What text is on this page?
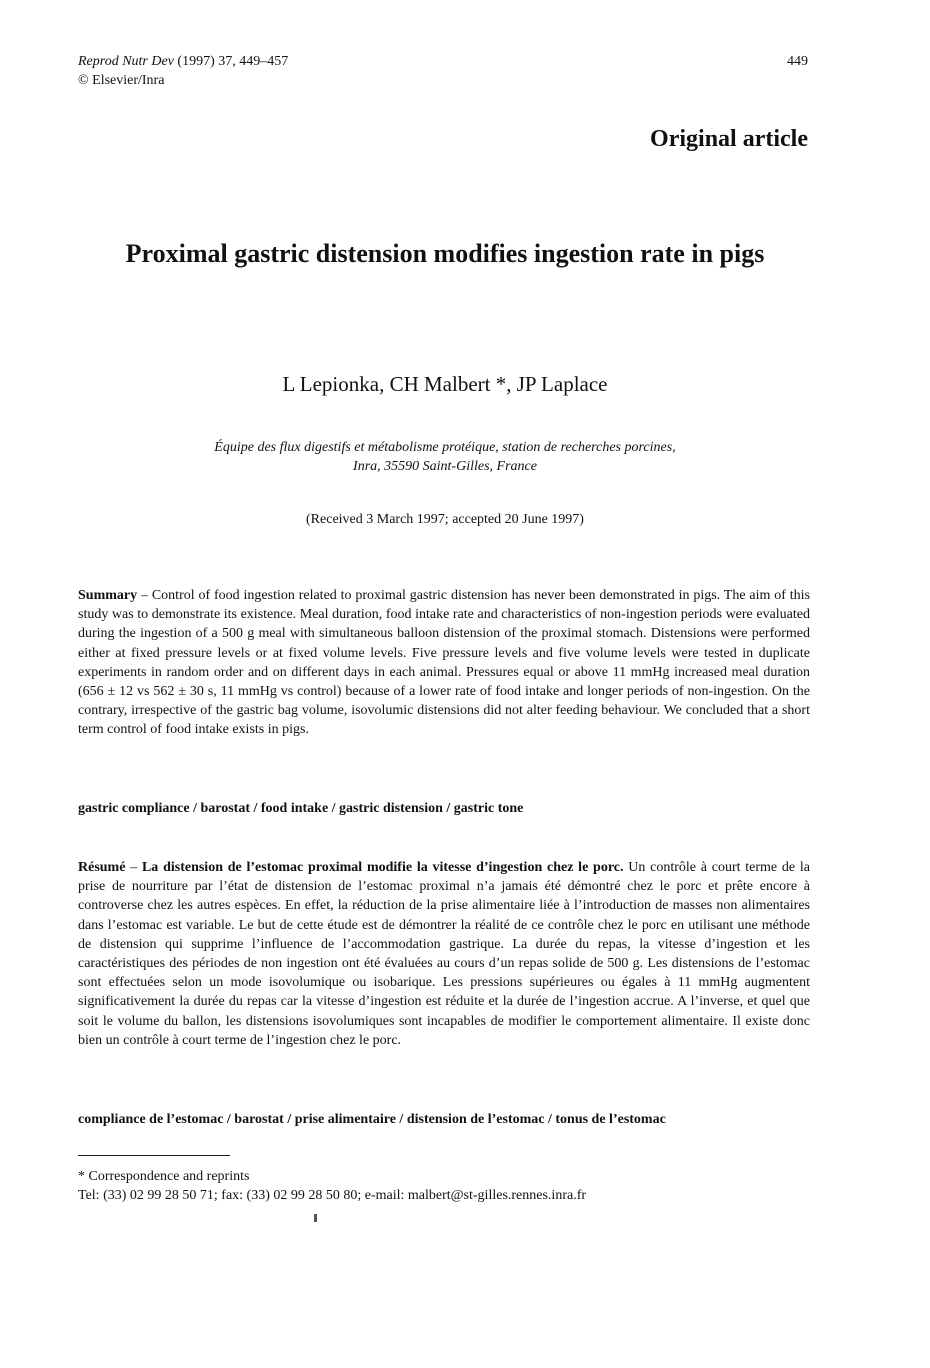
Reprod Nutr Dev (1997) 37, 449–457
© Elsevier/Inra
449
Original article
Proximal gastric distension modifies ingestion rate in pigs
L Lepionka, CH Malbert *, JP Laplace
Équipe des flux digestifs et métabolisme protéique, station de recherches porcines,
Inra, 35590 Saint-Gilles, France
(Received 3 March 1997; accepted 20 June 1997)
Summary – Control of food ingestion related to proximal gastric distension has never been demonstrated in pigs. The aim of this study was to demonstrate its existence. Meal duration, food intake rate and characteristics of non-ingestion periods were evaluated during the ingestion of a 500 g meal with simultaneous balloon distension of the proximal stomach. Distensions were performed either at fixed pressure levels or at fixed volume levels. Five pressure levels and five volume levels were tested in duplicate experiments in random order and on different days in each animal. Pressures equal or above 11 mmHg increased meal duration (656 ± 12 vs 562 ± 30 s, 11 mmHg vs control) because of a lower rate of food intake and longer periods of non-ingestion. On the contrary, irrespective of the gastric bag volume, isovolumic distensions did not alter feeding behaviour. We concluded that a short term control of food intake exists in pigs.
gastric compliance / barostat / food intake / gastric distension / gastric tone
Résumé – La distension de l’estomac proximal modifie la vitesse d’ingestion chez le porc. Un contrôle à court terme de la prise de nourriture par l’état de distension de l’estomac proximal n’a jamais été démontré chez le porc et prête encore à controverse chez les autres espèces. En effet, la réduction de la prise alimentaire liée à l’introduction de masses non alimentaires dans l’estomac est variable. Le but de cette étude est de démontrer la réalité de ce contrôle chez le porc en utilisant une méthode de distension qui supprime l’influence de l’accommodation gastrique. La durée du repas, la vitesse d’ingestion et les caractéristiques des périodes de non ingestion ont été évaluées au cours d’un repas solide de 500 g. Les distensions de l’estomac sont effectuées selon un mode isovolumique ou isobarique. Les pressions supérieures ou égales à 11 mmHg augmentent significativement la durée du repas car la vitesse d’ingestion est réduite et la durée de l’ingestion accrue. A l’inverse, et quel que soit le volume du ballon, les distensions isovolumiques sont incapables de modifier le comportement alimentaire. Il existe donc bien un contrôle à court terme de l’ingestion chez le porc.
compliance de l’estomac / barostat / prise alimentaire / distension de l’estomac / tonus de l’estomac
* Correspondence and reprints
Tel: (33) 02 99 28 50 71; fax: (33) 02 99 28 50 80; e-mail: malbert@st-gilles.rennes.inra.fr
